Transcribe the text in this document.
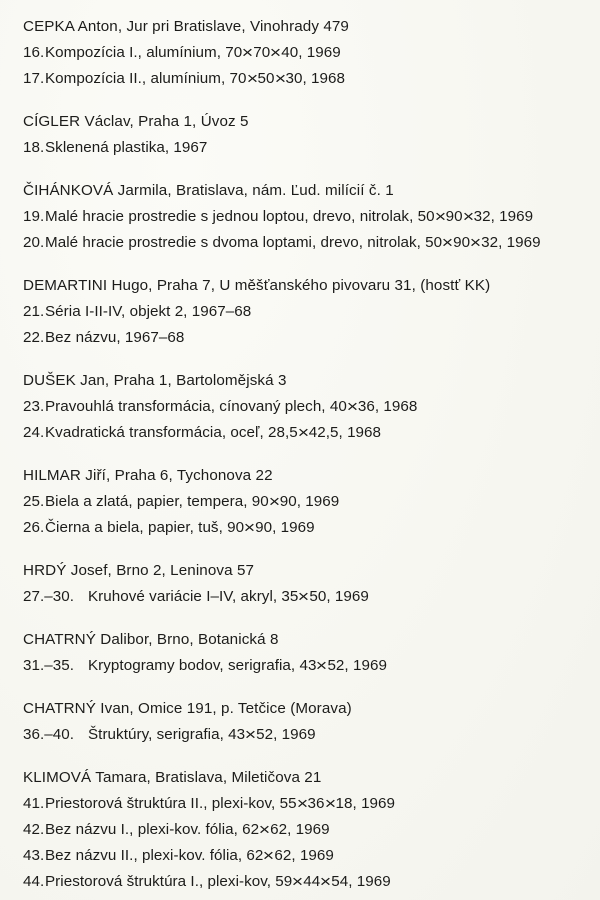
CEPKA Anton, Jur pri Bratislave, Vinohrady 479
16. Kompozícia I., alumínium, 70×70×40, 1969
17. Kompozícia II., alumínium, 70×50×30, 1968
CÍGLER Václav, Praha 1, Úvoz 5
18. Sklenená plastika, 1967
ČIHÁNKOVÁ Jarmila, Bratislava, nám. Ľud. milícií č. 1
19. Malé hracie prostredie s jednou loptou, drevo, nitrolak, 50×90×32, 1969
20. Malé hracie prostredie s dvoma loptami, drevo, nitrolak, 50×90×32, 1969
DEMARTINI Hugo, Praha 7, U měšťanského pivovaru 31, (hostť KK)
21. Séria I-II-IV, objekt 2, 1967–68
22. Bez názvu, 1967–68
DUŠEK Jan, Praha 1, Bartolomějská 3
23. Pravouhlá transformácia, cínovaný plech, 40×36, 1968
24. Kvadratická transformácia, oceľ, 28,5×42,5, 1968
HILMAR Jiří, Praha 6, Tychonova 22
25. Biela a zlatá, papier, tempera, 90×90, 1969
26. Čierna a biela, papier, tuš, 90×90, 1969
HRDÝ Josef, Brno 2, Leninova 57
27.–30. Kruhové variácie I–IV, akryl, 35×50, 1969
CHATRNÝ Dalibor, Brno, Botanická 8
31.–35. Kryptogramy bodov, serigrafia, 43×52, 1969
CHATRNÝ Ivan, Omice 191, p. Tetčice (Morava)
36.–40. Štruktúry, serigrafia, 43×52, 1969
KLIMOVÁ Tamara, Bratislava, Miletičova 21
41. Priestorová štruktúra II., plexi-kov, 55×36×18, 1969
42. Bez názvu I., plexi-kov. fólia, 62×62, 1969
43. Bez názvu II., plexi-kov. fólia, 62×62, 1969
44. Priestorová štruktúra I., plexi-kov, 59×44×54, 1969
